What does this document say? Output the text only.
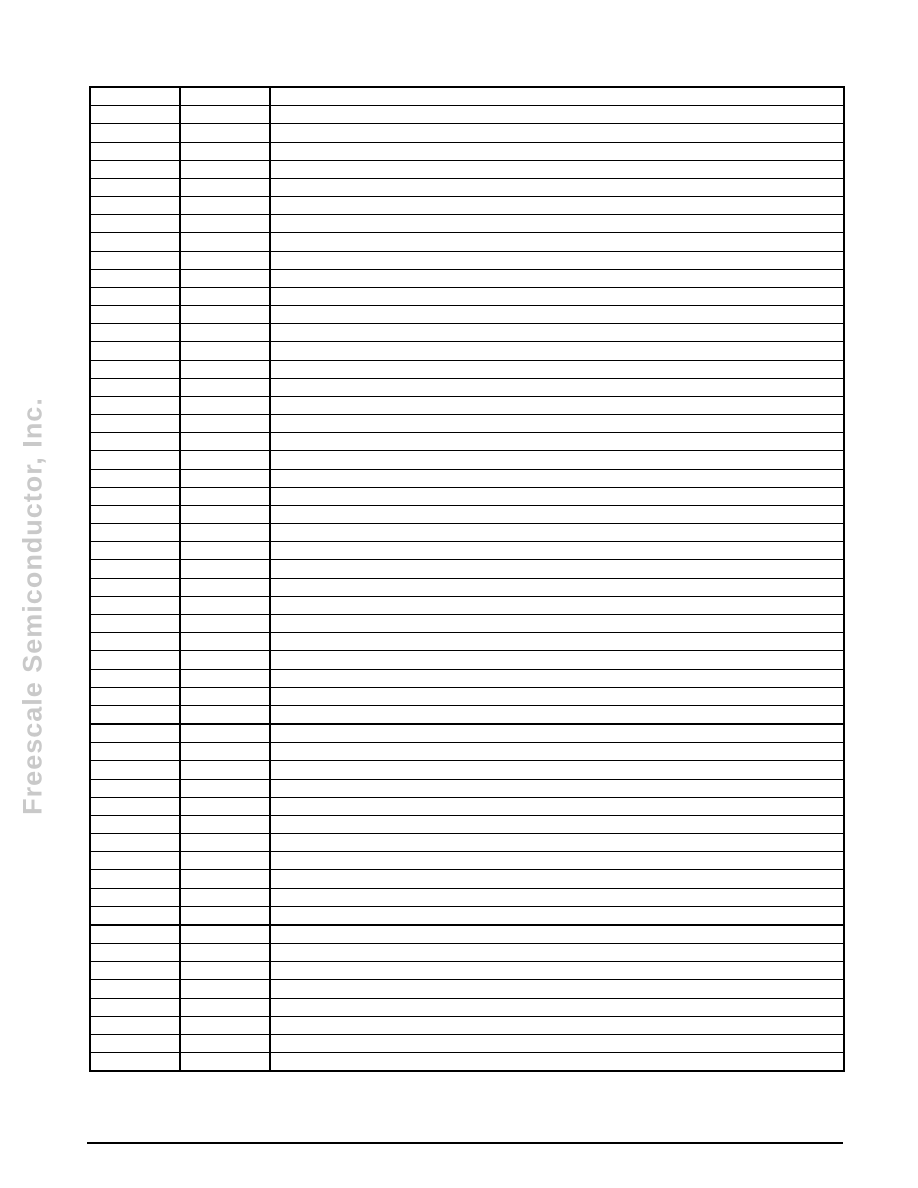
Freescale Semiconductor, Inc.
